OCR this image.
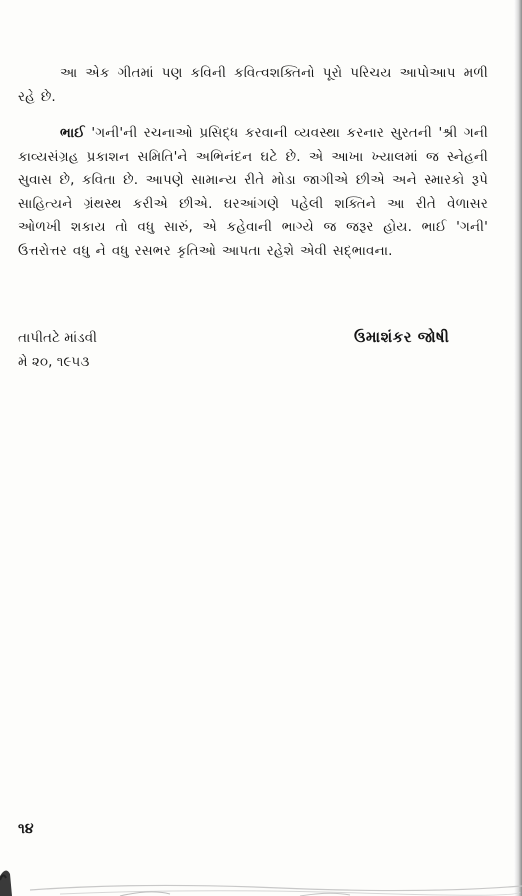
આ એક ગીતમાં પણ કવિની કવિત્વશક્તિનો પૂરો પરિચય આપોઆપ મળી રહે છે.

ભાઈ 'ગની'ની રચનાઓ પ્રસિદ્ધ કરવાની વ્યવસ્થા કરનાર સુરતની 'શ્રી ગની કાવ્યસંગ્રહ પ્રકાશન સમિતિ'ને અભિનંદન ઘટે છે. એ આખા ખ્યાલમાં જ સ્નેહની સુવાસ છે, કવિતા છે. આપણે સામાન્ય રીતે મોડા જાગીએ છીએ અને સ્મારકો રૂપે સાહિત્યને ગ્રંથસ્થ કરીએ છીએ. ઘરઆંગણે પહેલી શક્તિને આ રીતે વેળાસર ઓળખી શકાય તો વધુ સારું, એ કહેવાની ભાગ્યે જ જરૂર હોય. ભાઈ 'ગની' ઉત્તરોત્તર વધુ ને વધુ રસભર કૃતિઓ આપતા રહેશે એવી સદ્ભાવના.

તાપીતટે માંડવી
મે ૨૦, ૧૯૫૩
ઉમાશંકર જોષી
૧૪
